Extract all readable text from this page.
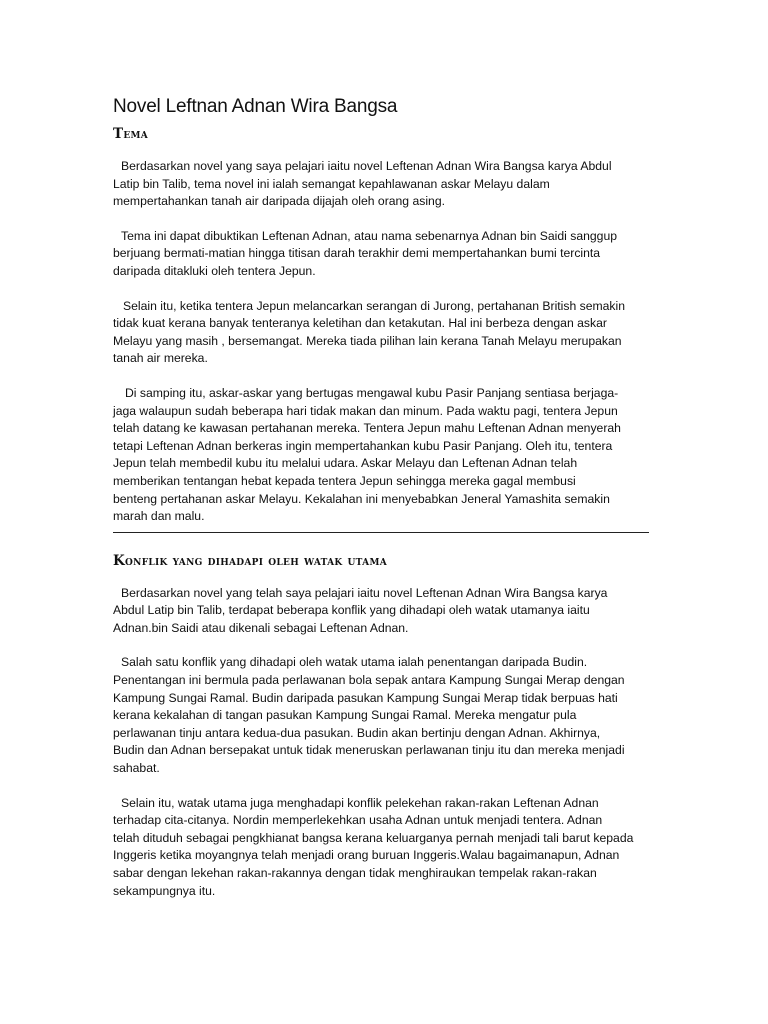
Novel Leftnan Adnan Wira Bangsa
Tema

Berdasarkan novel yang saya pelajari iaitu novel Leftenan Adnan Wira Bangsa karya Abdul
Latip bin Talib, tema novel ini ialah semangat kepahlawanan askar Melayu dalam
mempertahankan tanah air daripada dijajah oleh orang asing.

Tema ini dapat dibuktikan Leftenan Adnan, atau nama sebenarnya Adnan bin Saidi sanggup
berjuang bermati-matian hingga titisan darah terakhir demi mempertahankan bumi tercinta
daripada ditakluki oleh tentera Jepun.

Selain itu, ketika tentera Jepun melancarkan serangan di Jurong, pertahanan British semakin
tidak kuat kerana banyak tenteranya keletihan dan ketakutan. Hal ini berbeza dengan askar
Melayu yang masih , bersemangat. Mereka tiada pilihan lain kerana Tanah Melayu merupakan
tanah air mereka.

Di samping itu, askar-askar yang bertugas mengawal kubu Pasir Panjang sentiasa berjaga-
jaga walaupun sudah beberapa hari tidak makan dan minum. Pada waktu pagi, tentera Jepun
telah datang ke kawasan pertahanan mereka. Tentera Jepun mahu Leftenan Adnan menyerah
tetapi Leftenan Adnan berkeras ingin mempertahankan kubu Pasir Panjang. Oleh itu, tentera
Jepun telah membedil kubu itu melalui udara. Askar Melayu dan Leftenan Adnan telah
memberikan tentangan hebat kepada tentera Jepun sehingga mereka gagal membusi
benteng pertahanan askar Melayu. Kekalahan ini menyebabkan Jeneral Yamashita semakin
marah dan malu.

Konflik yang dihadapi oleh watak utama

Berdasarkan novel yang telah saya pelajari iaitu novel Leftenan Adnan Wira Bangsa karya
Abdul Latip bin Talib, terdapat beberapa konflik yang dihadapi oleh watak utamanya iaitu
Adnan.bin Saidi atau dikenali sebagai Leftenan Adnan.

Salah satu konflik yang dihadapi oleh watak utama ialah penentangan daripada Budin.
Penentangan ini bermula pada perlawanan bola sepak antara Kampung Sungai Merap dengan
Kampung Sungai Ramal. Budin daripada pasukan Kampung Sungai Merap tidak berpuas hati
kerana kekalahan di tangan pasukan Kampung Sungai Ramal. Mereka mengatur pula
perlawanan tinju antara kedua-dua pasukan. Budin akan bertinju dengan Adnan. Akhirnya,
Budin dan Adnan bersepakat untuk tidak meneruskan perlawanan tinju itu dan mereka menjadi
sahabat.

Selain itu, watak utama juga menghadapi konflik pelekehan rakan-rakan Leftenan Adnan
terhadap cita-citanya. Nordin memperlekehkan usaha Adnan untuk menjadi tentera. Adnan
telah dituduh sebagai pengkhianat bangsa kerana keluarganya pernah menjadi tali barut kepada
Inggeris ketika moyangnya telah menjadi orang buruan Inggeris.Walau bagaimanapun, Adnan
sabar dengan lekehan rakan-rakannya dengan tidak menghiraukan tempelak rakan-rakan
sekampungnya itu.
